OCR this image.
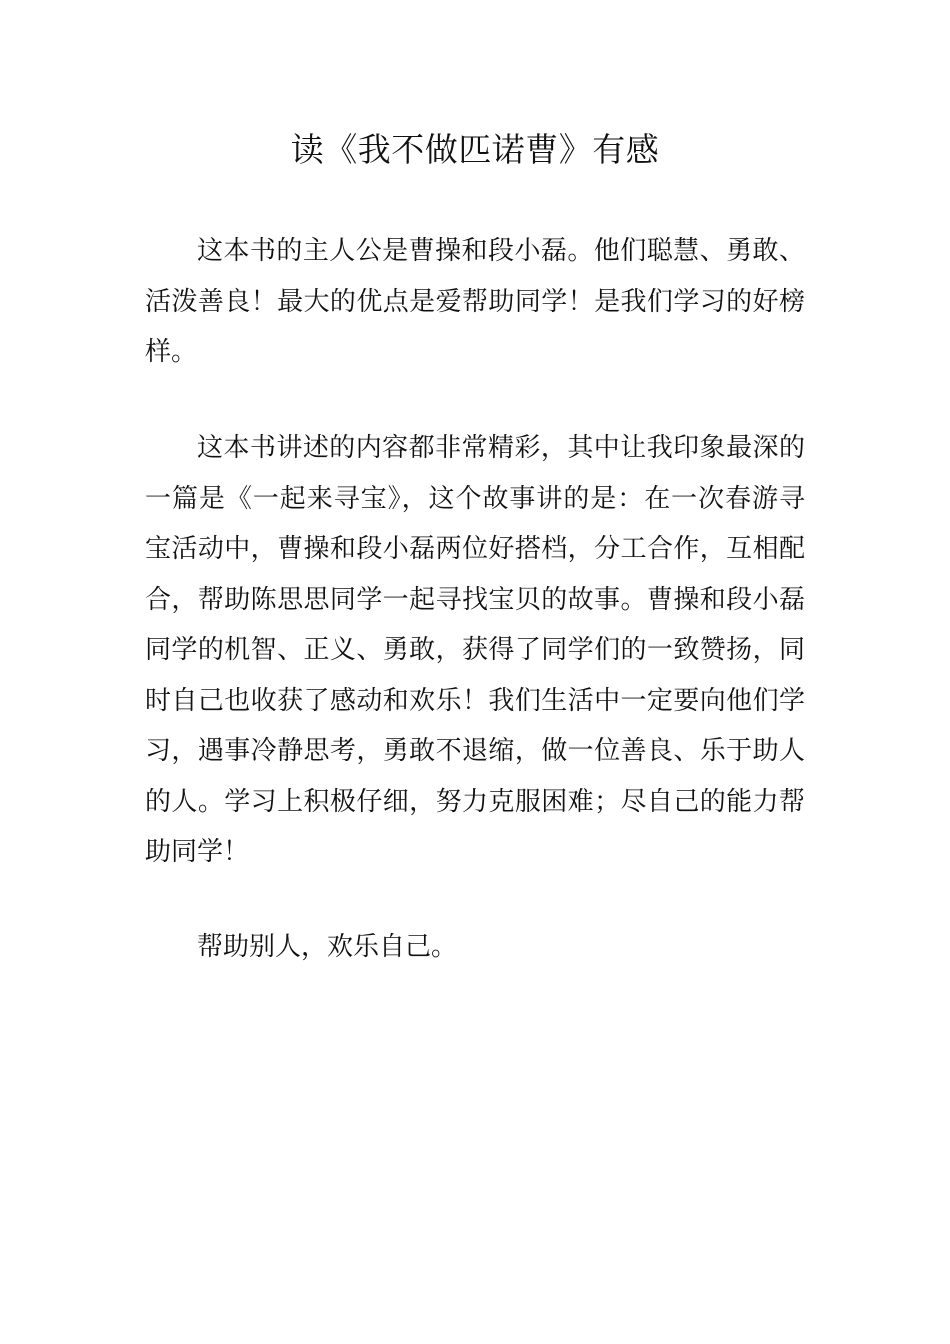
读《我不做匹诺曹》有感

这本书的主人公是曹操和段小磊。他们聪慧、勇敢、活泼善良！最大的优点是爱帮助同学！是我们学习的好榜样。

这本书讲述的内容都非常精彩，其中让我印象最深的一篇是《一起来寻宝》，这个故事讲的是：在一次春游寻宝活动中，曹操和段小磊两位好搭档，分工合作，互相配合，帮助陈思思同学一起寻找宝贝的故事。曹操和段小磊同学的机智、正义、勇敢，获得了同学们的一致赞扬，同时自己也收获了感动和欢乐！我们生活中一定要向他们学习，遇事冷静思考，勇敢不退缩，做一位善良、乐于助人的人。学习上积极仔细，努力克服困难；尽自己的能力帮助同学！

帮助别人，欢乐自己。
